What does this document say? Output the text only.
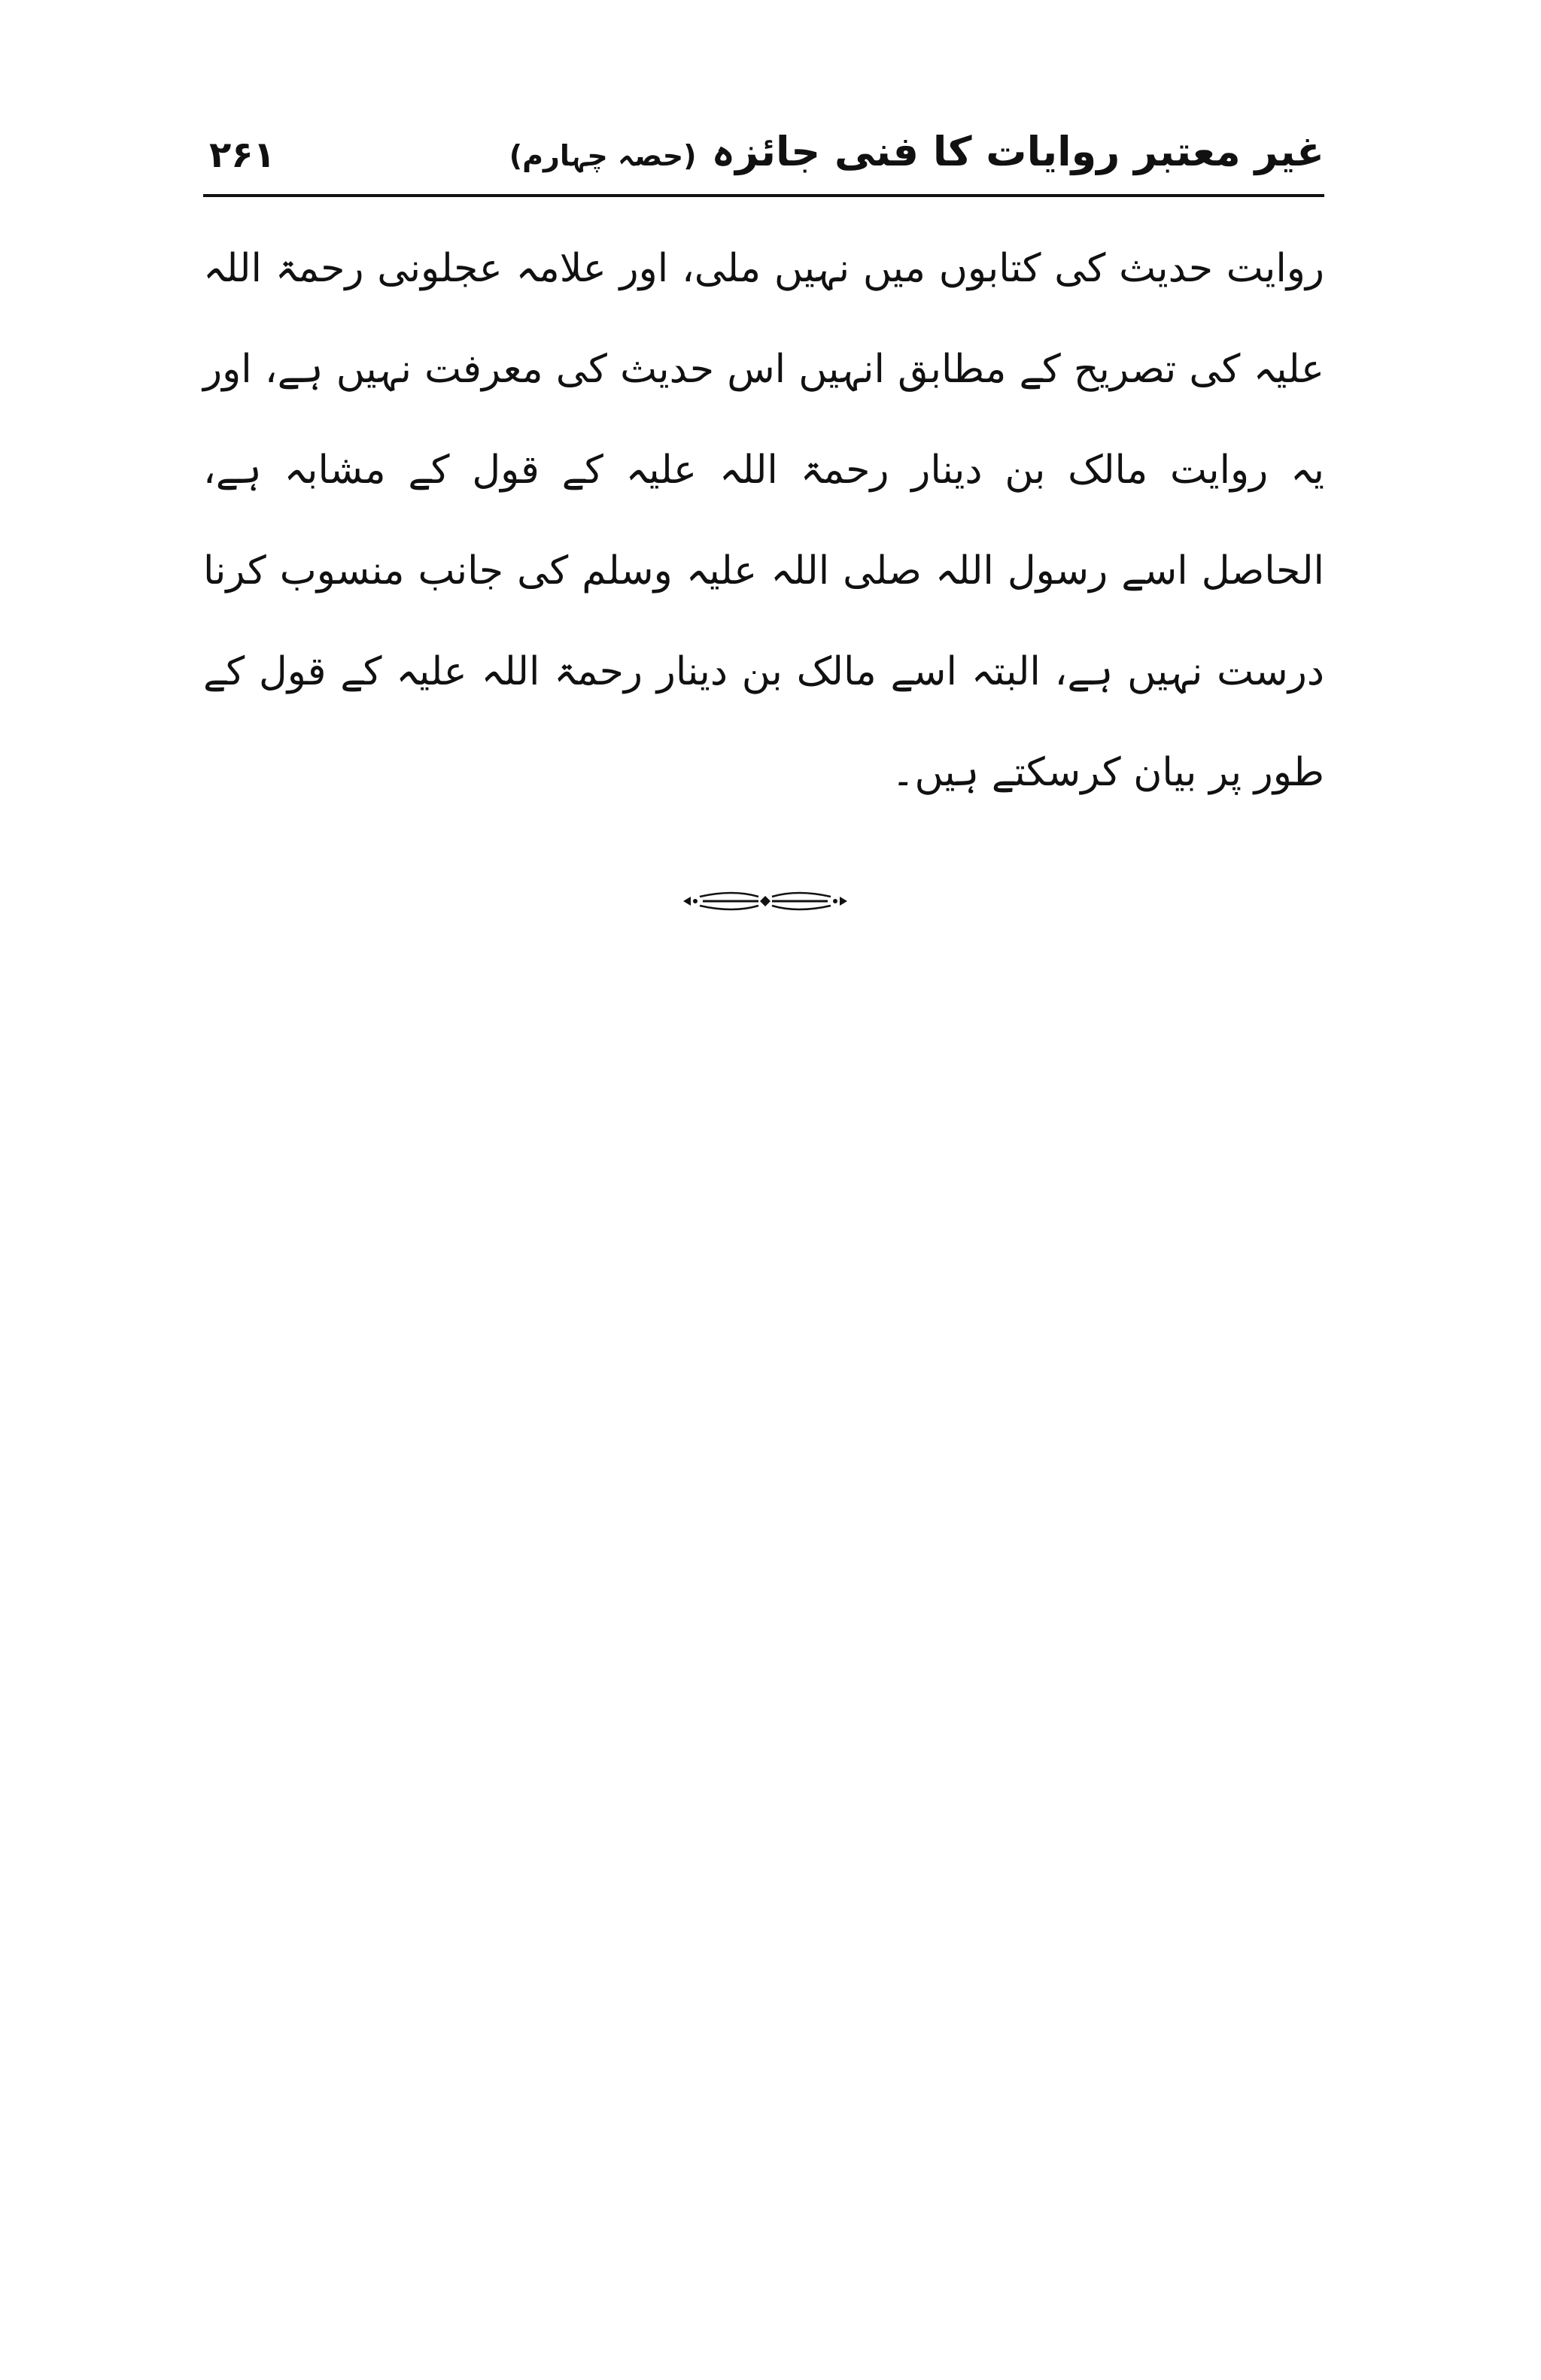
۲۶۱	غیر معتبر روایات کا فنی جائزہ(حصہ چہارم)

روایت حدیث کی کتابوں میں نہیں ملی، اور علامہ عجلونی رحمۃ اللہ علیہ کی تصریح کے مطابق انہیں اس حدیث کی معرفت نہیں ہے، اور یہ روایت مالک بن دینار رحمۃ اللہ علیہ کے قول کے مشابہ ہے، الحاصل اسے رسول اللہ صلی اللہ علیہ وسلم کی جانب منسوب کرنا درست نہیں ہے، البتہ اسے مالک بن دینار رحمۃ اللہ علیہ کے قول کے طور پر بیان کرسکتے ہیں۔
